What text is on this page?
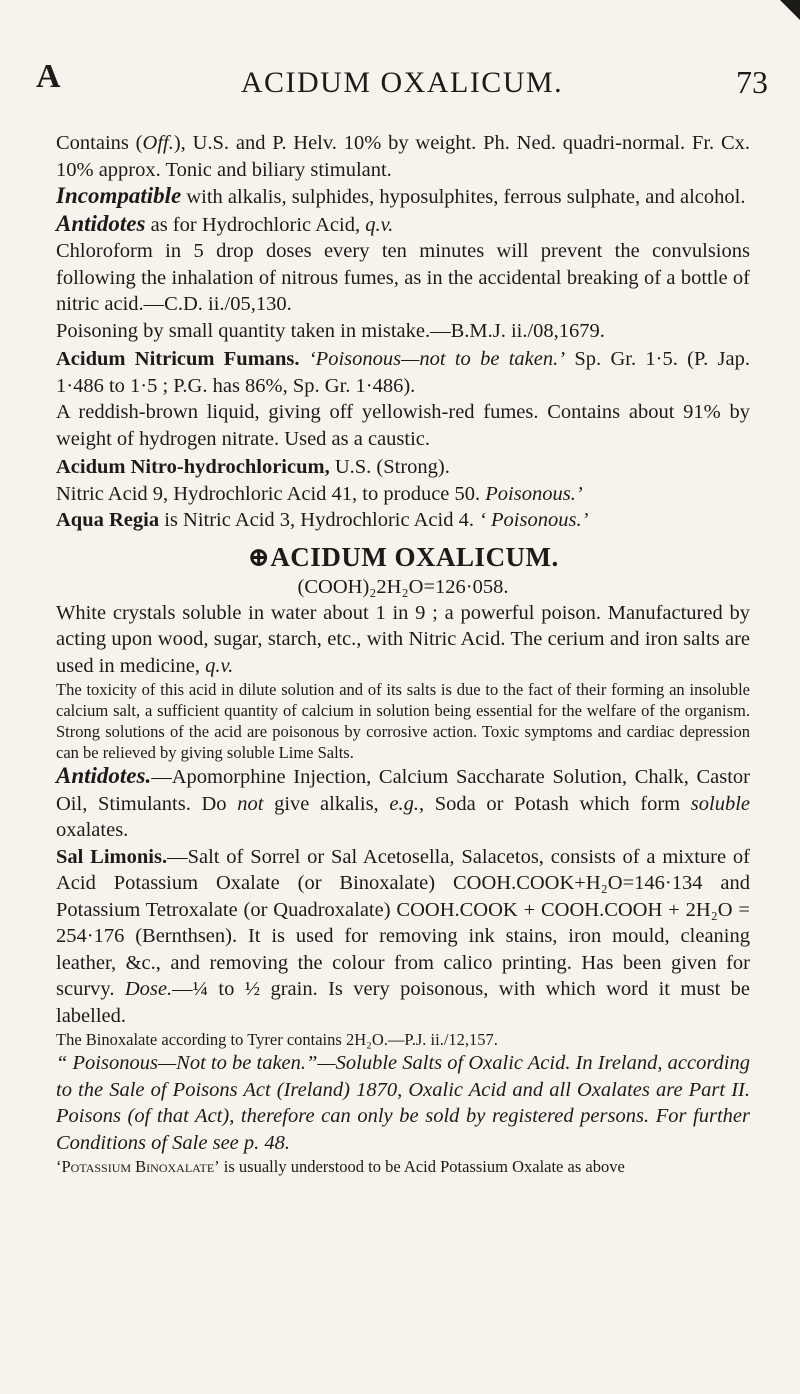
A	ACIDUM OXALICUM.	73

Contains (Off.), U.S. and P. Helv. 10% by weight. Ph. Ned. quadri-normal. Fr. Cx. 10% approx. Tonic and biliary stimulant.

Incompatible with alkalis, sulphides, hyposulphites, ferrous sulphate, and alcohol.

Antidotes as for Hydrochloric Acid, q.v.

Chloroform in 5 drop doses every ten minutes will prevent the convulsions following the inhalation of nitrous fumes, as in the accidental breaking of a bottle of nitric acid.—C.D. ii./05,130.

Poisoning by small quantity taken in mistake.—B.M.J. ii./08,1679.

Acidum Nitricum Fumans. ‘Poisonous—not to be taken.’ Sp. Gr. 1·5. (P. Jap. 1·486 to 1·5 ; P.G. has 86%, Sp. Gr. 1·486).

A reddish-brown liquid, giving off yellowish-red fumes. Contains about 91% by weight of hydrogen nitrate. Used as a caustic.

Acidum Nitro-hydrochloricum, U.S. (Strong).
Nitric Acid 9, Hydrochloric Acid 41, to produce 50. Poisonous.’

Aqua Regia is Nitric Acid 3, Hydrochloric Acid 4. ‘ Poisonous.’

⊕ACIDUM OXALICUM.
(COOH)₂2H₂O=126·058.

White crystals soluble in water about 1 in 9 ; a powerful poison. Manufactured by acting upon wood, sugar, starch, etc., with Nitric Acid. The cerium and iron salts are used in medicine, q.v.

The toxicity of this acid in dilute solution and of its salts is due to the fact of their forming an insoluble calcium salt, a sufficient quantity of calcium in solution being essential for the welfare of the organism. Strong solutions of the acid are poisonous by corrosive action. Toxic symptoms and cardiac depression can be relieved by giving soluble Lime Salts.

Antidotes.—Apomorphine Injection, Calcium Saccharate Solution, Chalk, Castor Oil, Stimulants. Do not give alkalis, e.g., Soda or Potash which form soluble oxalates.

Sal Limonis.—Salt of Sorrel or Sal Acetosella, Salacetos, consists of a mixture of Acid Potassium Oxalate (or Binoxalate) COOH.COOK+H₂O=146·134 and Potassium Tetroxalate (or Quadroxalate) COOH.COOK + COOH.COOH + 2H₂O = 254·176 (Bernthsen). It is used for removing ink stains, iron mould, cleaning leather, &c., and removing the colour from calico printing. Has been given for scurvy. Dose.—¼ to ½ grain. Is very poisonous, with which word it must be labelled.

The Binoxalate according to Tyrer contains 2H₂O.—P.J. ii./12,157.

“ Poisonous—Not to be taken.”—Soluble Salts of Oxalic Acid. In Ireland, according to the Sale of Poisons Act (Ireland) 1870, Oxalic Acid and all Oxalates are Part II. Poisons (of that Act), therefore can only be sold by registered persons. For further Conditions of Sale see p. 48.

‘Potassium Binoxalate’ is usually understood to be Acid Potassium Oxalate as above
